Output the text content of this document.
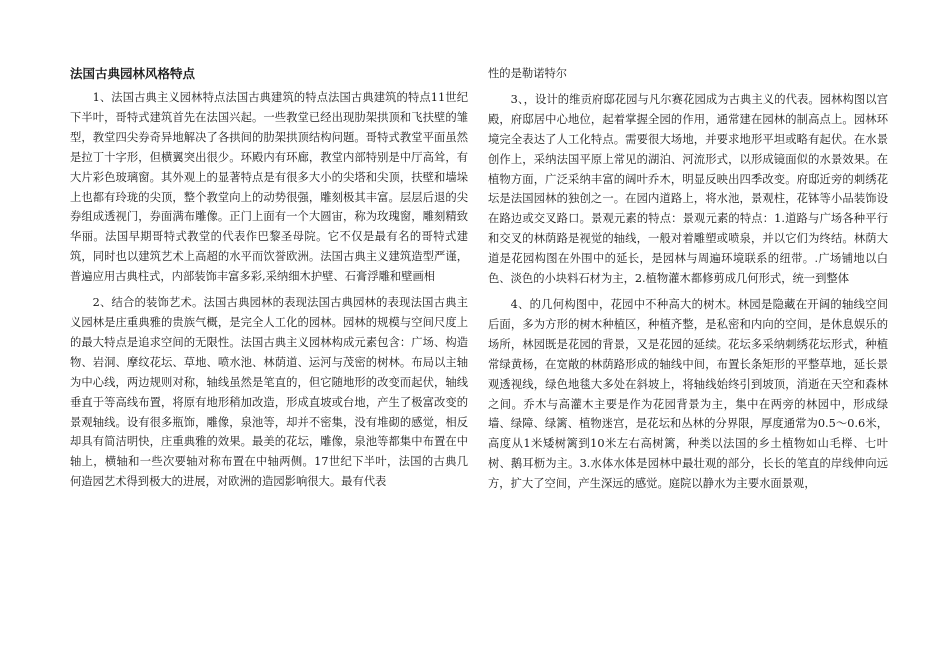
法国古典园林风格特点

1、法国古典主义园林特点法国古典建筑的特点法国古典建筑的特点11世纪下半叶，哥特式建筑首先在法国兴起。一些教堂已经出现肋架拱顶和飞扶壁的雏型，教堂四尖券奇异地解决了各拱间的肋架拱顶结构问题。哥特式教堂平面虽然是拉丁十字形，但横翼突出很少。环殿内有环廊，教堂内部特别是中厅高耸，有大片彩色玻璃窗。其外观上的显著特点是有很多大小的尖塔和尖顶，扶壁和墙垛上也都有玲珑的尖顶，整个教堂向上的动势很强，雕刻极其丰富。层层后退的尖券组成透视门，券面满布雕像。正门上面有一个大圆宙，称为玫瑰窗，雕刻精致华丽。法国早期哥特式教堂的代表作巴黎圣母院。它不仅是最有名的哥特式建筑，同时也以建筑艺术上高超的水平而饮誉欧洲。法国古典主义建筑造型严谨，普遍应用古典柱式，内部装饰丰富多彩,采纳细木护壁、石膏浮雕和壁画相

2、结合的装饰艺术。法国古典园林的表现法国古典园林的表现法国古典主义园林是庄重典雅的贵族气概，是完全人工化的园林。园林的规模与空间尺度上的最大特点是追求空间的无限性。法国古典主义园林构成元素包含：广场、构造物、岩洞、摩纹花坛、草地、喷水池、林荫道、运河与茂密的树林。布局以主轴为中心线，两边规则对称，轴线虽然是笔直的，但它随地形的改变而起伏，轴线垂直于等高线布置，将原有地形稍加改造，形成直坡或台地，产生了极富改变的景观轴线。设有很多瓶饰，雕像，泉池等，却并不密集，没有堆砌的感觉，相反却具有简洁明快，庄重典雅的效果。最美的花坛，雕像，泉池等都集中布置在中轴上，横轴和一些次要轴对称布置在中轴两侧。17世纪下半叶，法国的古典几何造园艺术得到极大的进展，对欧洲的造园影响很大。最有代表

性的是勒诺特尔

3、，设计的维贡府邸花园与凡尔赛花园成为古典主义的代表。园林构图以宫殿，府邸居中心地位，起着掌握全园的作用，通常建在园林的制高点上。园林环境完全表达了人工化特点。需要很大场地，并要求地形平坦或略有起伏。在水景创作上，采纳法国平原上常见的湖泊、河流形式，以形成镜面似的水景效果。在植物方面，广泛采纳丰富的阔叶乔木，明显反映出四季改变。府邸近旁的刺绣花坛是法国园林的独创之一。在园内道路上，将水池，景观柱，花钵等小品装饰设在路边或交叉路口。景观元素的特点：景观元素的特点：1.道路与广场各种平行和交叉的林荫路是视觉的轴线，一般对着雕塑或喷泉，并以它们为终结。林荫大道是花园构图在外围中的延长，是园林与周遍环境联系的纽带。.广场铺地以白色、淡色的小块料石材为主，2.植物灌木都修剪成几何形式，统一到整体

4、的几何构图中，花园中不种高大的树木。林园是隐藏在开阔的轴线空间后面，多为方形的树木种植区，种植齐整，是私密和内向的空间，是休息娱乐的场所，林园既是花园的背景，又是花园的延续。花坛多采纳刺绣花坛形式，种植常绿黄杨，在宽敞的林荫路形成的轴线中间，布置长条矩形的平整草地，延长景观透视线，绿色地毯大多处在斜坡上，将轴线始终引到坡顶，消逝在天空和森林之间。乔木与高灌木主要是作为花园背景为主，集中在两旁的林园中，形成绿墙、绿障、绿篱、植物迷宫，是花坛和丛林的分界限，厚度通常为0.5～0.6米，高度从1米矮树篱到10米左右高树篱，种类以法国的乡土植物如山毛榉、七叶树、鹅耳枥为主。3.水体水体是园林中最壮观的部分，长长的笔直的岸线伸向远方，扩大了空间，产生深远的感觉。庭院以静水为主要水面景观，
